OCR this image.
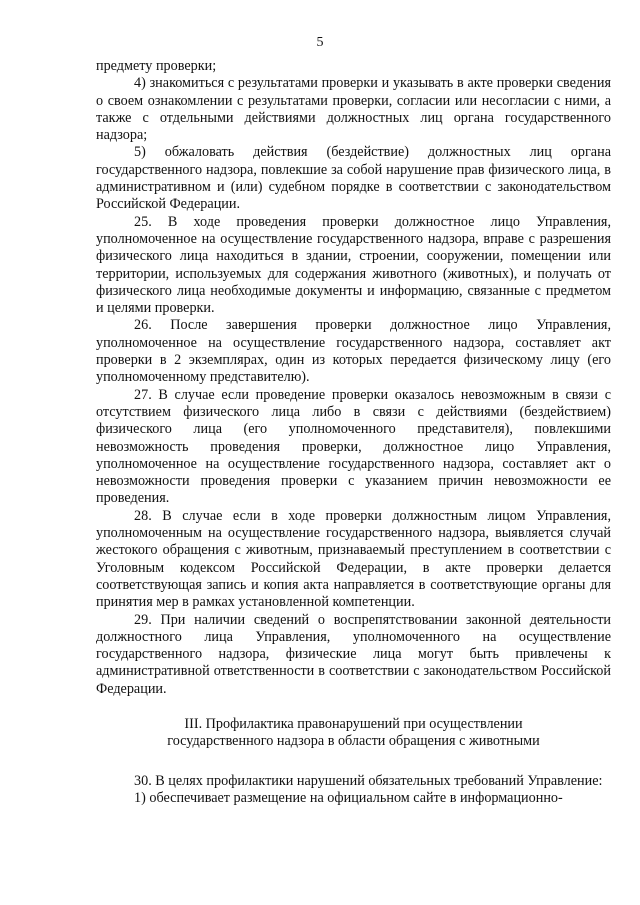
5

предмету проверки;

4) знакомиться с результатами проверки и указывать в акте проверки сведения о своем ознакомлении с результатами проверки, согласии или несогласии с ними, а также с отдельными действиями должностных лиц органа государственного надзора;

5) обжаловать действия (бездействие) должностных лиц органа государственного надзора, повлекшие за собой нарушение прав физического лица, в административном и (или) судебном порядке в соответствии с законодательством Российской Федерации.

25. В ходе проведения проверки должностное лицо Управления, уполномоченное на осуществление государственного надзора, вправе с разрешения физического лица находиться в здании, строении, сооружении, помещении или территории, используемых для содержания животного (животных), и получать от физического лица необходимые документы и информацию, связанные с предметом и целями проверки.

26. После завершения проверки должностное лицо Управления, уполномоченное на осуществление государственного надзора, составляет акт проверки в 2 экземплярах, один из которых передается физическому лицу (его уполномоченному представителю).

27. В случае если проведение проверки оказалось невозможным в связи с отсутствием физического лица либо в связи с действиями (бездействием) физического лица (его уполномоченного представителя), повлекшими невозможность проведения проверки, должностное лицо Управления, уполномоченное на осуществление государственного надзора, составляет акт о невозможности проведения проверки с указанием причин невозможности ее проведения.

28. В случае если в ходе проверки должностным лицом Управления, уполномоченным на осуществление государственного надзора, выявляется случай жестокого обращения с животным, признаваемый преступлением в соответствии с Уголовным кодексом Российской Федерации, в акте проверки делается соответствующая запись и копия акта направляется в соответствующие органы для принятия мер в рамках установленной компетенции.

29. При наличии сведений о воспрепятствовании законной деятельности должностного лица Управления, уполномоченного на осуществление государственного надзора, физические лица могут быть привлечены к административной ответственности в соответствии с законодательством Российской Федерации.

III. Профилактика правонарушений при осуществлении
государственного надзора в области обращения с животными

30. В целях профилактики нарушений обязательных требований Управление:

1) обеспечивает размещение на официальном сайте в информационно-
